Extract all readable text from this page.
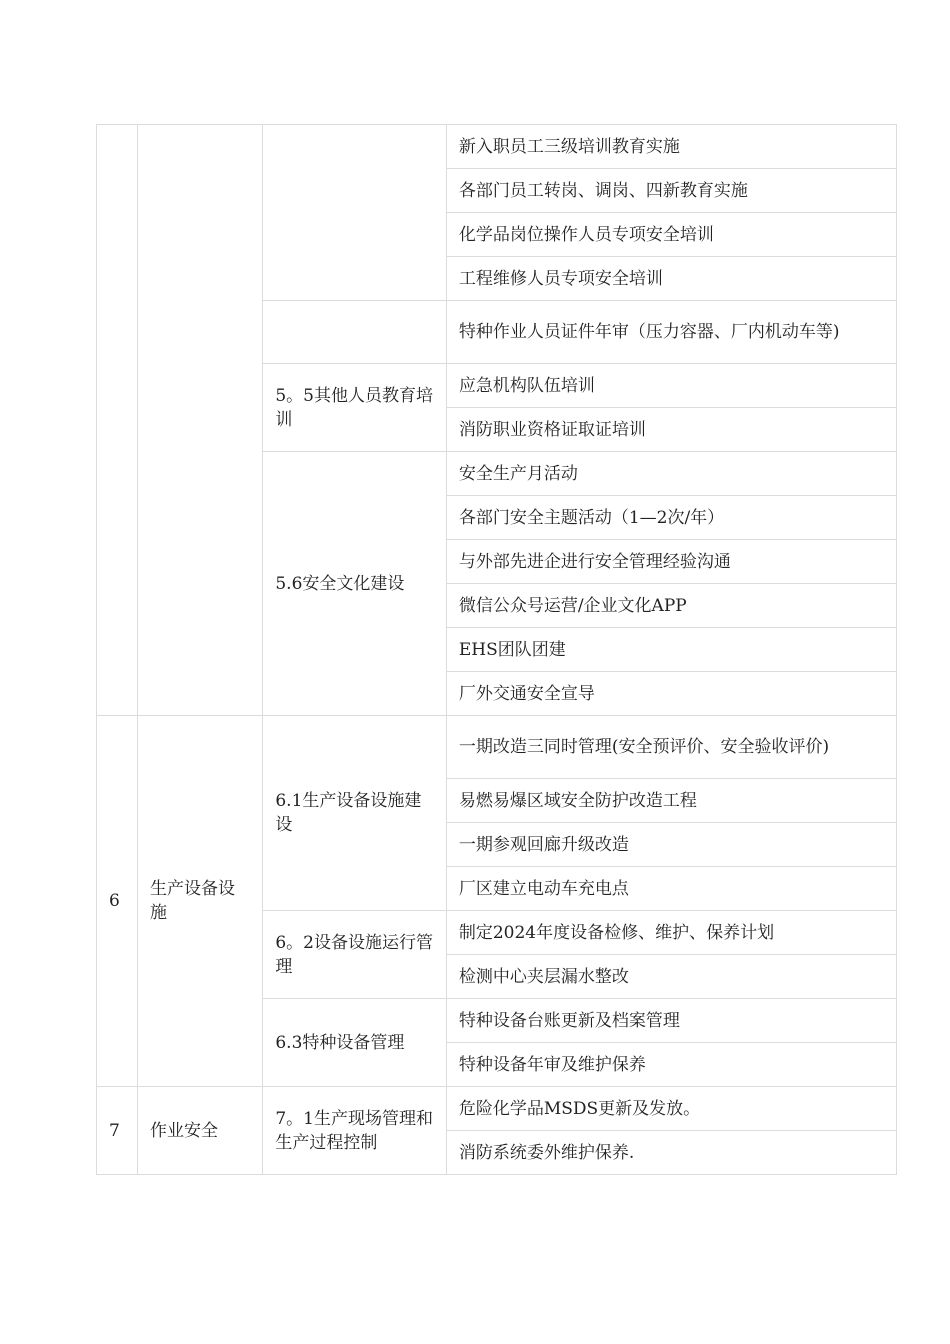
			新入职员工三级培训教育实施
			各部门员工转岗、调岗、四新教育实施
			化学品岗位操作人员专项安全培训
			工程维修人员专项安全培训
			特种作业人员证件年审（压力容器、厂内机动车等)
		5。5其他人员教育培训	应急机构队伍培训
			消防职业资格证取证培训
		5.6安全文化建设	安全生产月活动
			各部门安全主题活动（1—2次/年）
			与外部先进企进行安全管理经验沟通
			微信公众号运营/企业文化APP
			EHS团队团建
			厂外交通安全宣导
6	生产设备设施	6.1生产设备设施建设	一期改造三同时管理(安全预评价、安全验收评价)
			易燃易爆区域安全防护改造工程
			一期参观回廊升级改造
			厂区建立电动车充电点
		6。2设备设施运行管理	制定2024年度设备检修、维护、保养计划
			检测中心夹层漏水整改
		6.3特种设备管理	特种设备台账更新及档案管理
			特种设备年审及维护保养
7	作业安全	7。1生产现场管理和生产过程控制	危险化学品MSDS更新及发放。
			消防系统委外维护保养.
